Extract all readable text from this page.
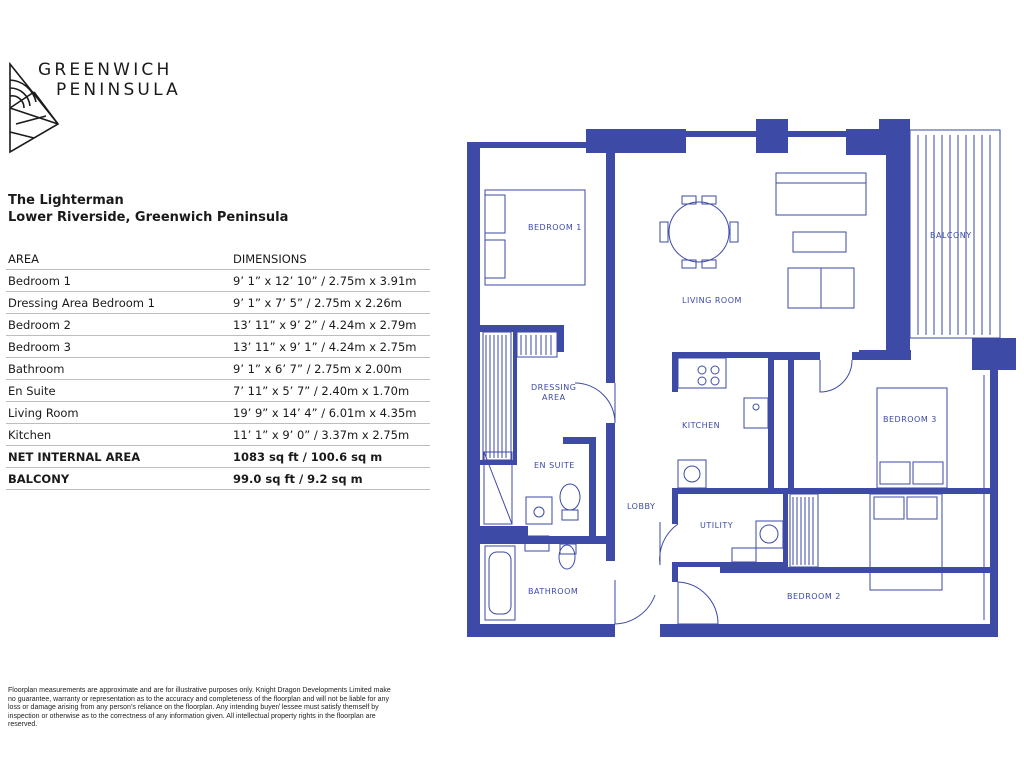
GREENWICH
PENINSULA
The Lighterman
Lower Riverside, Greenwich Peninsula
AREA	DIMENSIONS
Bedroom 1	9’ 1” x 12’ 10” / 2.75m x 3.91m
Dressing Area Bedroom 1	9’ 1” x 7’ 5” / 2.75m x 2.26m
Bedroom 2	13’ 11” x 9’ 2” / 4.24m x 2.79m
Bedroom 3	13’ 11” x 9’ 1” / 4.24m x 2.75m
Bathroom	9’ 1” x 6’ 7” / 2.75m x 2.00m
En Suite	7’ 11” x 5’ 7” / 2.40m x 1.70m
Living Room	19’ 9” x 14’ 4” / 6.01m x 4.35m
Kitchen	11’ 1” x 9’ 0” / 3.37m x 2.75m
NET INTERNAL AREA	1083 sq ft / 100.6 sq m
BALCONY	99.0 sq ft / 9.2 sq m
Floorplan measurements are approximate and are for illustrative purposes only. Knight Dragon Developments Limited make no guarantee, warranty or representation as to the accuracy and completeness of the floorplan and will not be liable for any loss or damage arising from any person’s reliance on the floorplan. Any intending buyer/ lessee must satisfy themself by inspection or otherwise as to the correctness of any information given. All intellectual property rights in the floorplan are reserved.
BEDROOM 1
LIVING ROOM
BALCONY
DRESSING
AREA
KITCHEN
BEDROOM 3
EN SUITE
LOBBY
UTILITY
BATHROOM
BEDROOM 2
